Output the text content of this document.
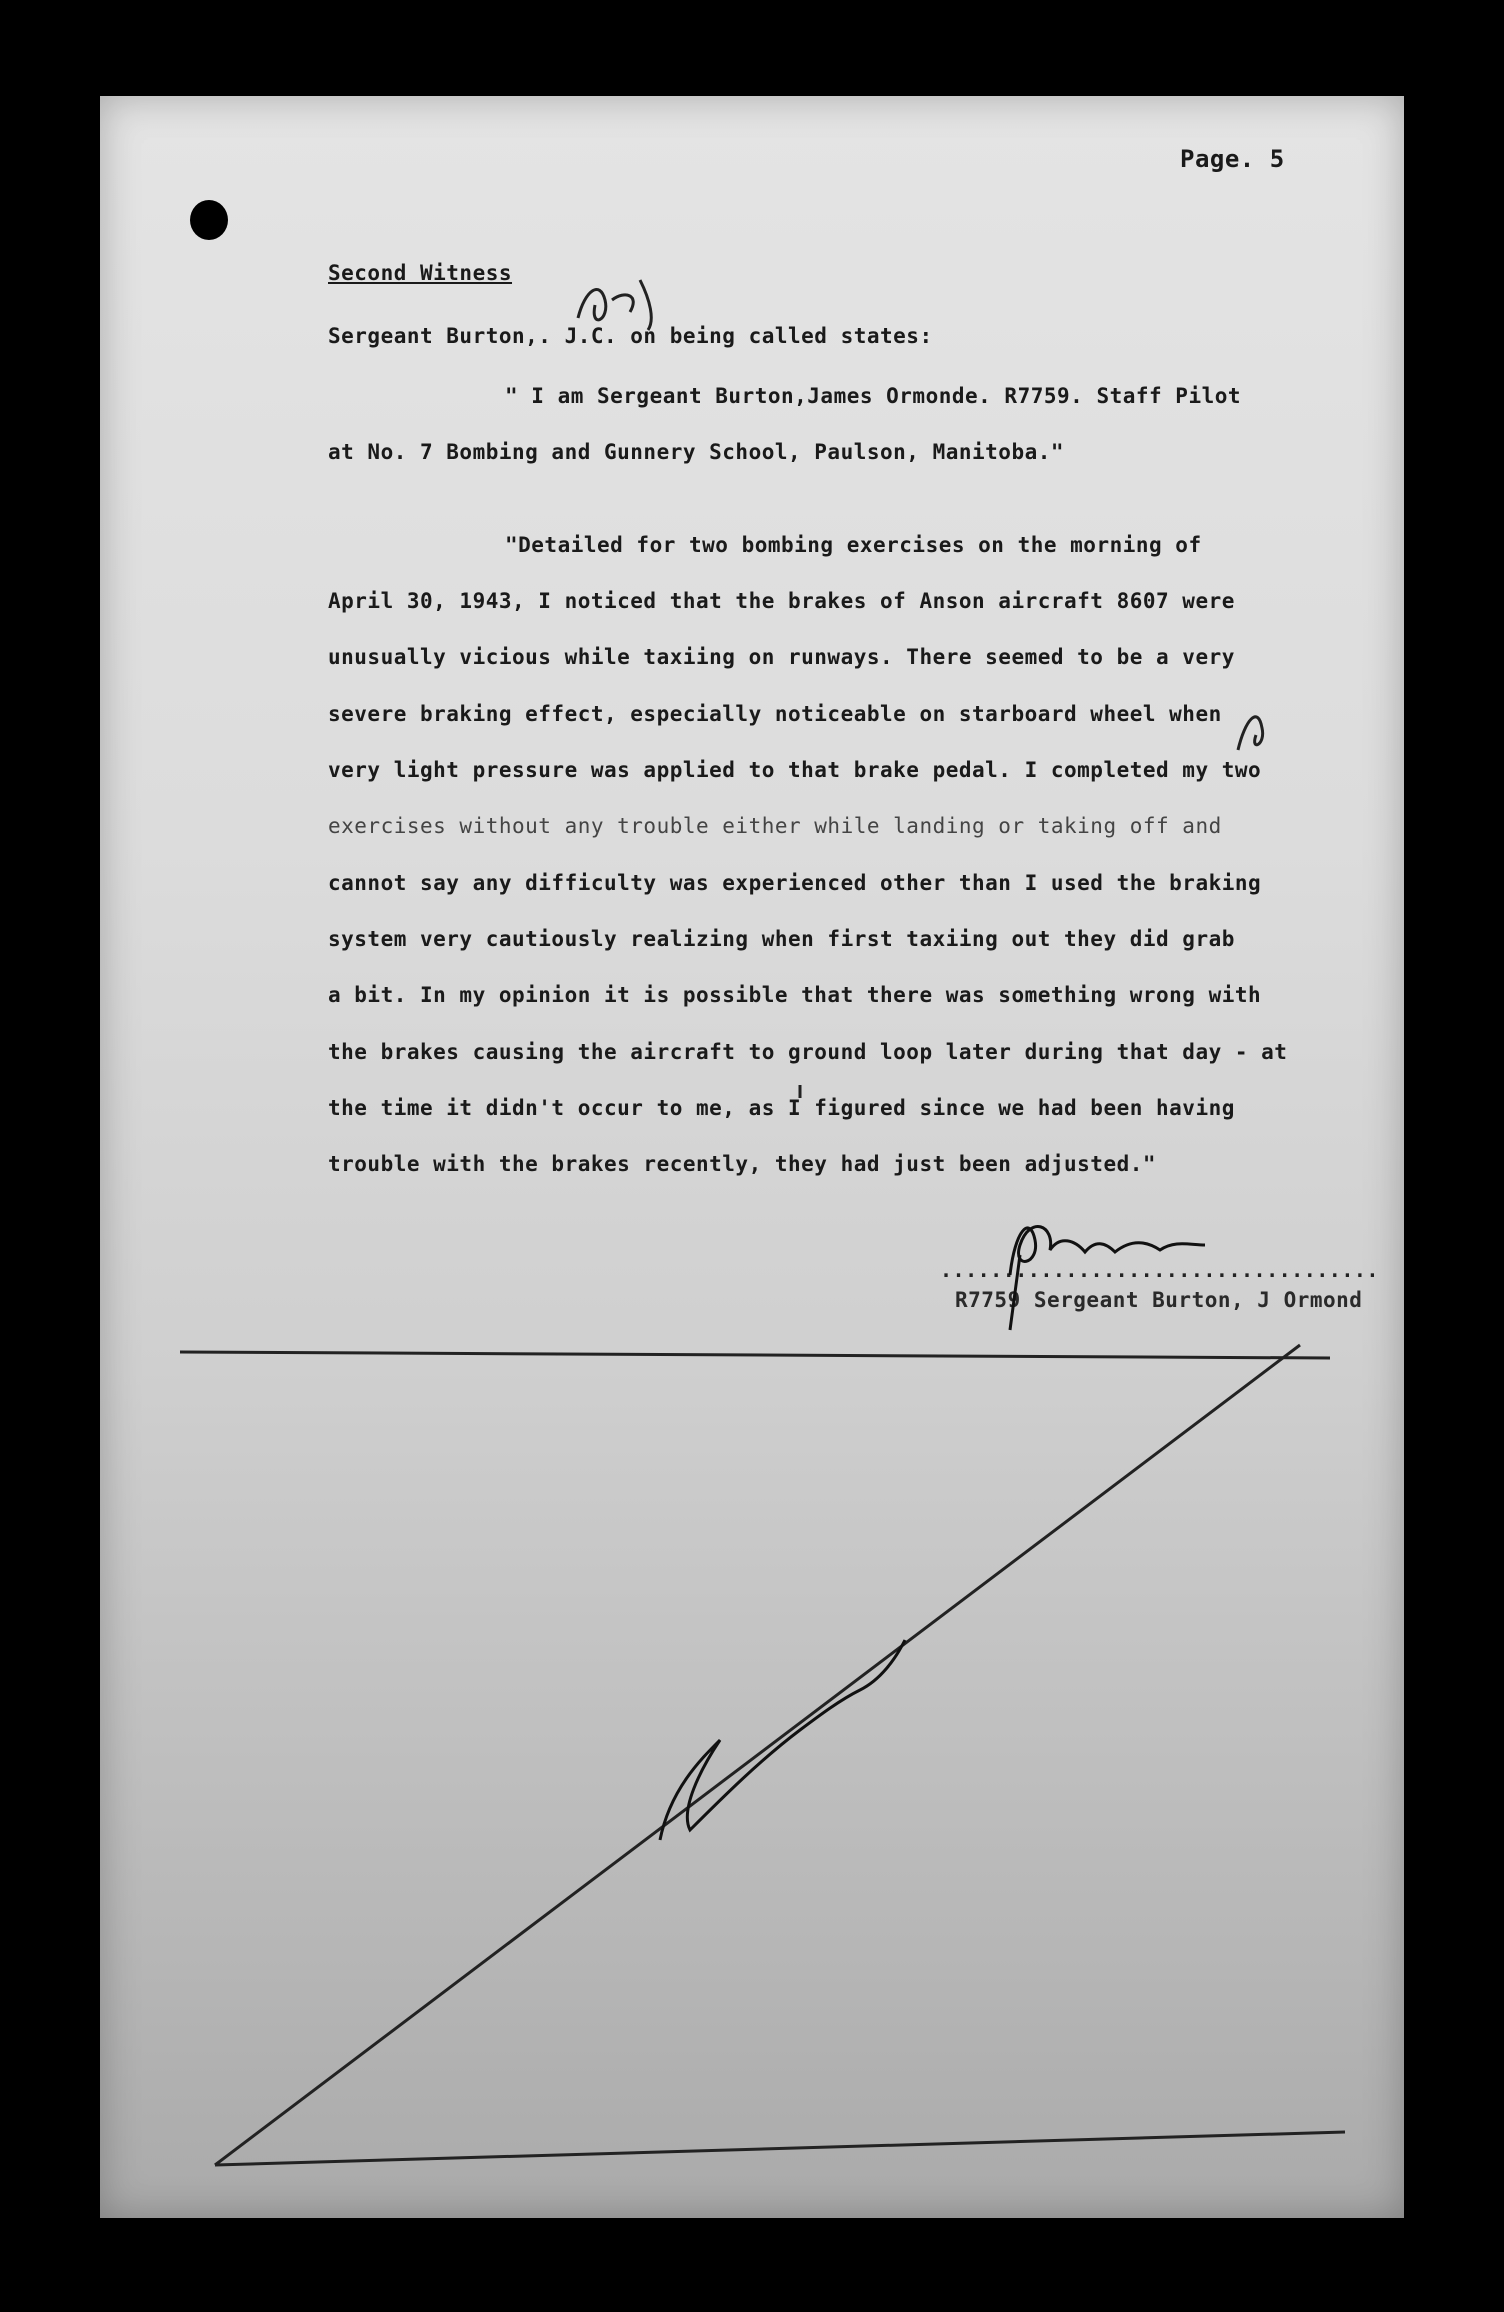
Page. 5
Second Witness
Sergeant Burton,. J.C. on being called states:
" I am Sergeant Burton,James Ormonde. R7759. Staff Pilot
at No. 7 Bombing and Gunnery School, Paulson, Manitoba."
"Detailed for two bombing exercises on the morning of
April 30, 1943, I noticed that the brakes of Anson aircraft 8607 were
unusually vicious while taxiing on runways. There seemed to be a very
severe braking effect, especially noticeable on starboard wheel when
very light pressure was applied to that brake pedal. I completed my two
exercises without any trouble either while landing or taking off and
cannot say any difficulty was experienced other than I used the braking
system very cautiously realizing when first taxiing out they did grab
a bit. In my opinion it is possible that there was something wrong with
the brakes causing the aircraft to ground loop later during that day - at
the time it didn't occur to me, as I figured since we had been having
trouble with the brakes recently, they had just been adjusted."
...................................
R7759 Sergeant Burton, J Ormond
